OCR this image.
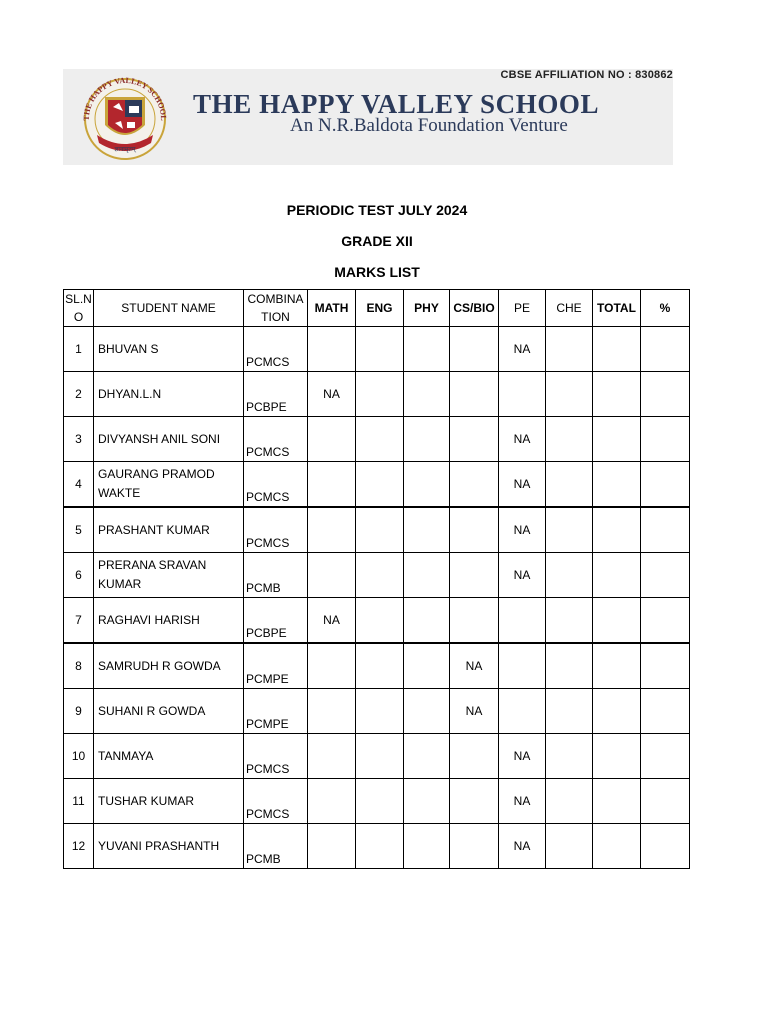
CBSE AFFILIATION NO : 830862
THE HAPPY VALLEY SCHOOL
ज्ञानामृतम्
THE HAPPY VALLEY SCHOOL
An N.R.Baldota Foundation Venture
PERIODIC TEST JULY 2024
GRADE XII
MARKS LIST
SL.N O	STUDENT NAME	COMBINA TION	MATH	ENG	PHY	CS/BIO	PE	CHE	TOTAL	%
1	BHUVAN S	PCMCS					NA			
2	DHYAN.L.N	PCBPE	NA							
3	DIVYANSH ANIL SONI	PCMCS					NA			
4	GAURANG PRAMOD WAKTE	PCMCS					NA			
5	PRASHANT KUMAR	PCMCS					NA			
6	PRERANA SRAVAN KUMAR	PCMB					NA			
7	RAGHAVI HARISH	PCBPE	NA							
8	SAMRUDH R GOWDA	PCMPE				NA				
9	SUHANI R GOWDA	PCMPE				NA				
10	TANMAYA	PCMCS					NA			
11	TUSHAR KUMAR	PCMCS					NA			
12	YUVANI PRASHANTH	PCMB					NA			
